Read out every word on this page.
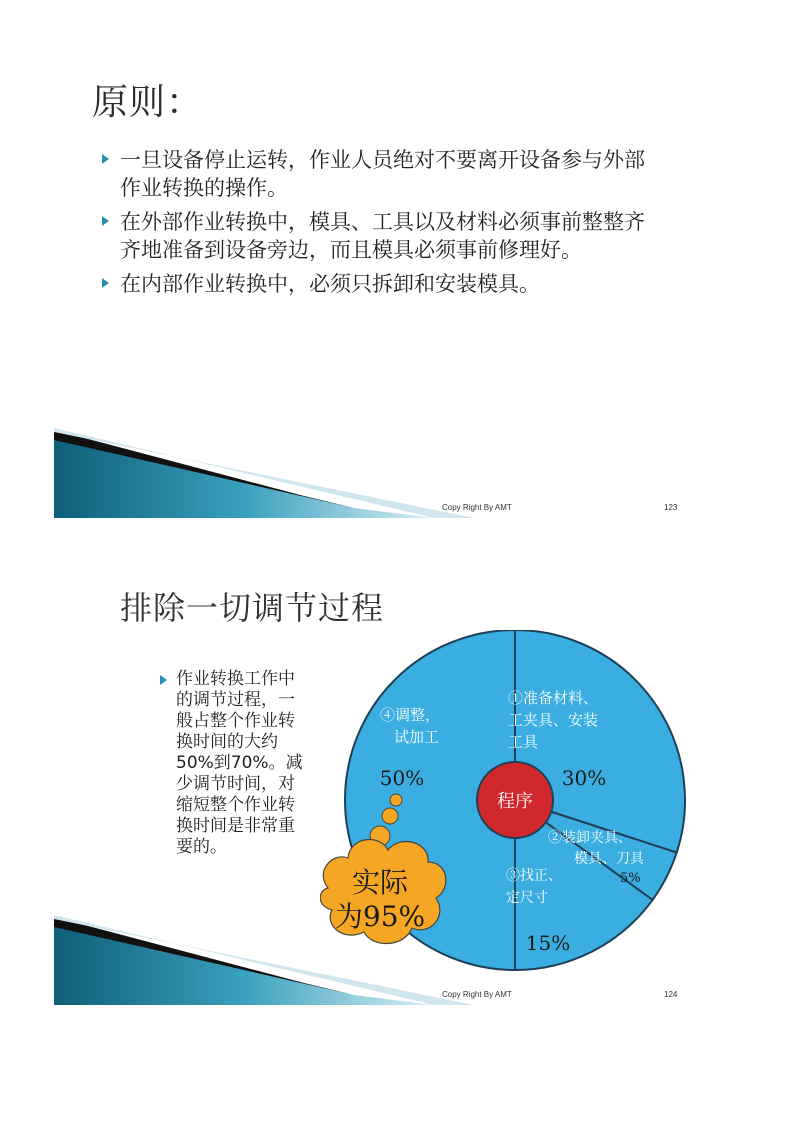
原则：
一旦设备停止运转，作业人员绝对不要离开设备参与外部作业转换的操作。
在外部作业转换中，模具、工具以及材料必须事前整整齐齐地准备到设备旁边，而且模具必须事前修理好。
在内部作业转换中，必须只拆卸和安装模具。
Copy Right By AMT	123
排除一切调节过程
作业转换工作中的调节过程，一般占整个作业转换时间的大约50%到70%。减少调节时间，对缩短整个作业转换时间是非常重要的。
程序
①准备材料、
工夹具、安装
工具
30%
②装卸夹具、
模具、刀具
5%
③找正、
定尺寸
15%
④调整，
试加工
50%
实际
为95%
Copy Right By AMT	124
